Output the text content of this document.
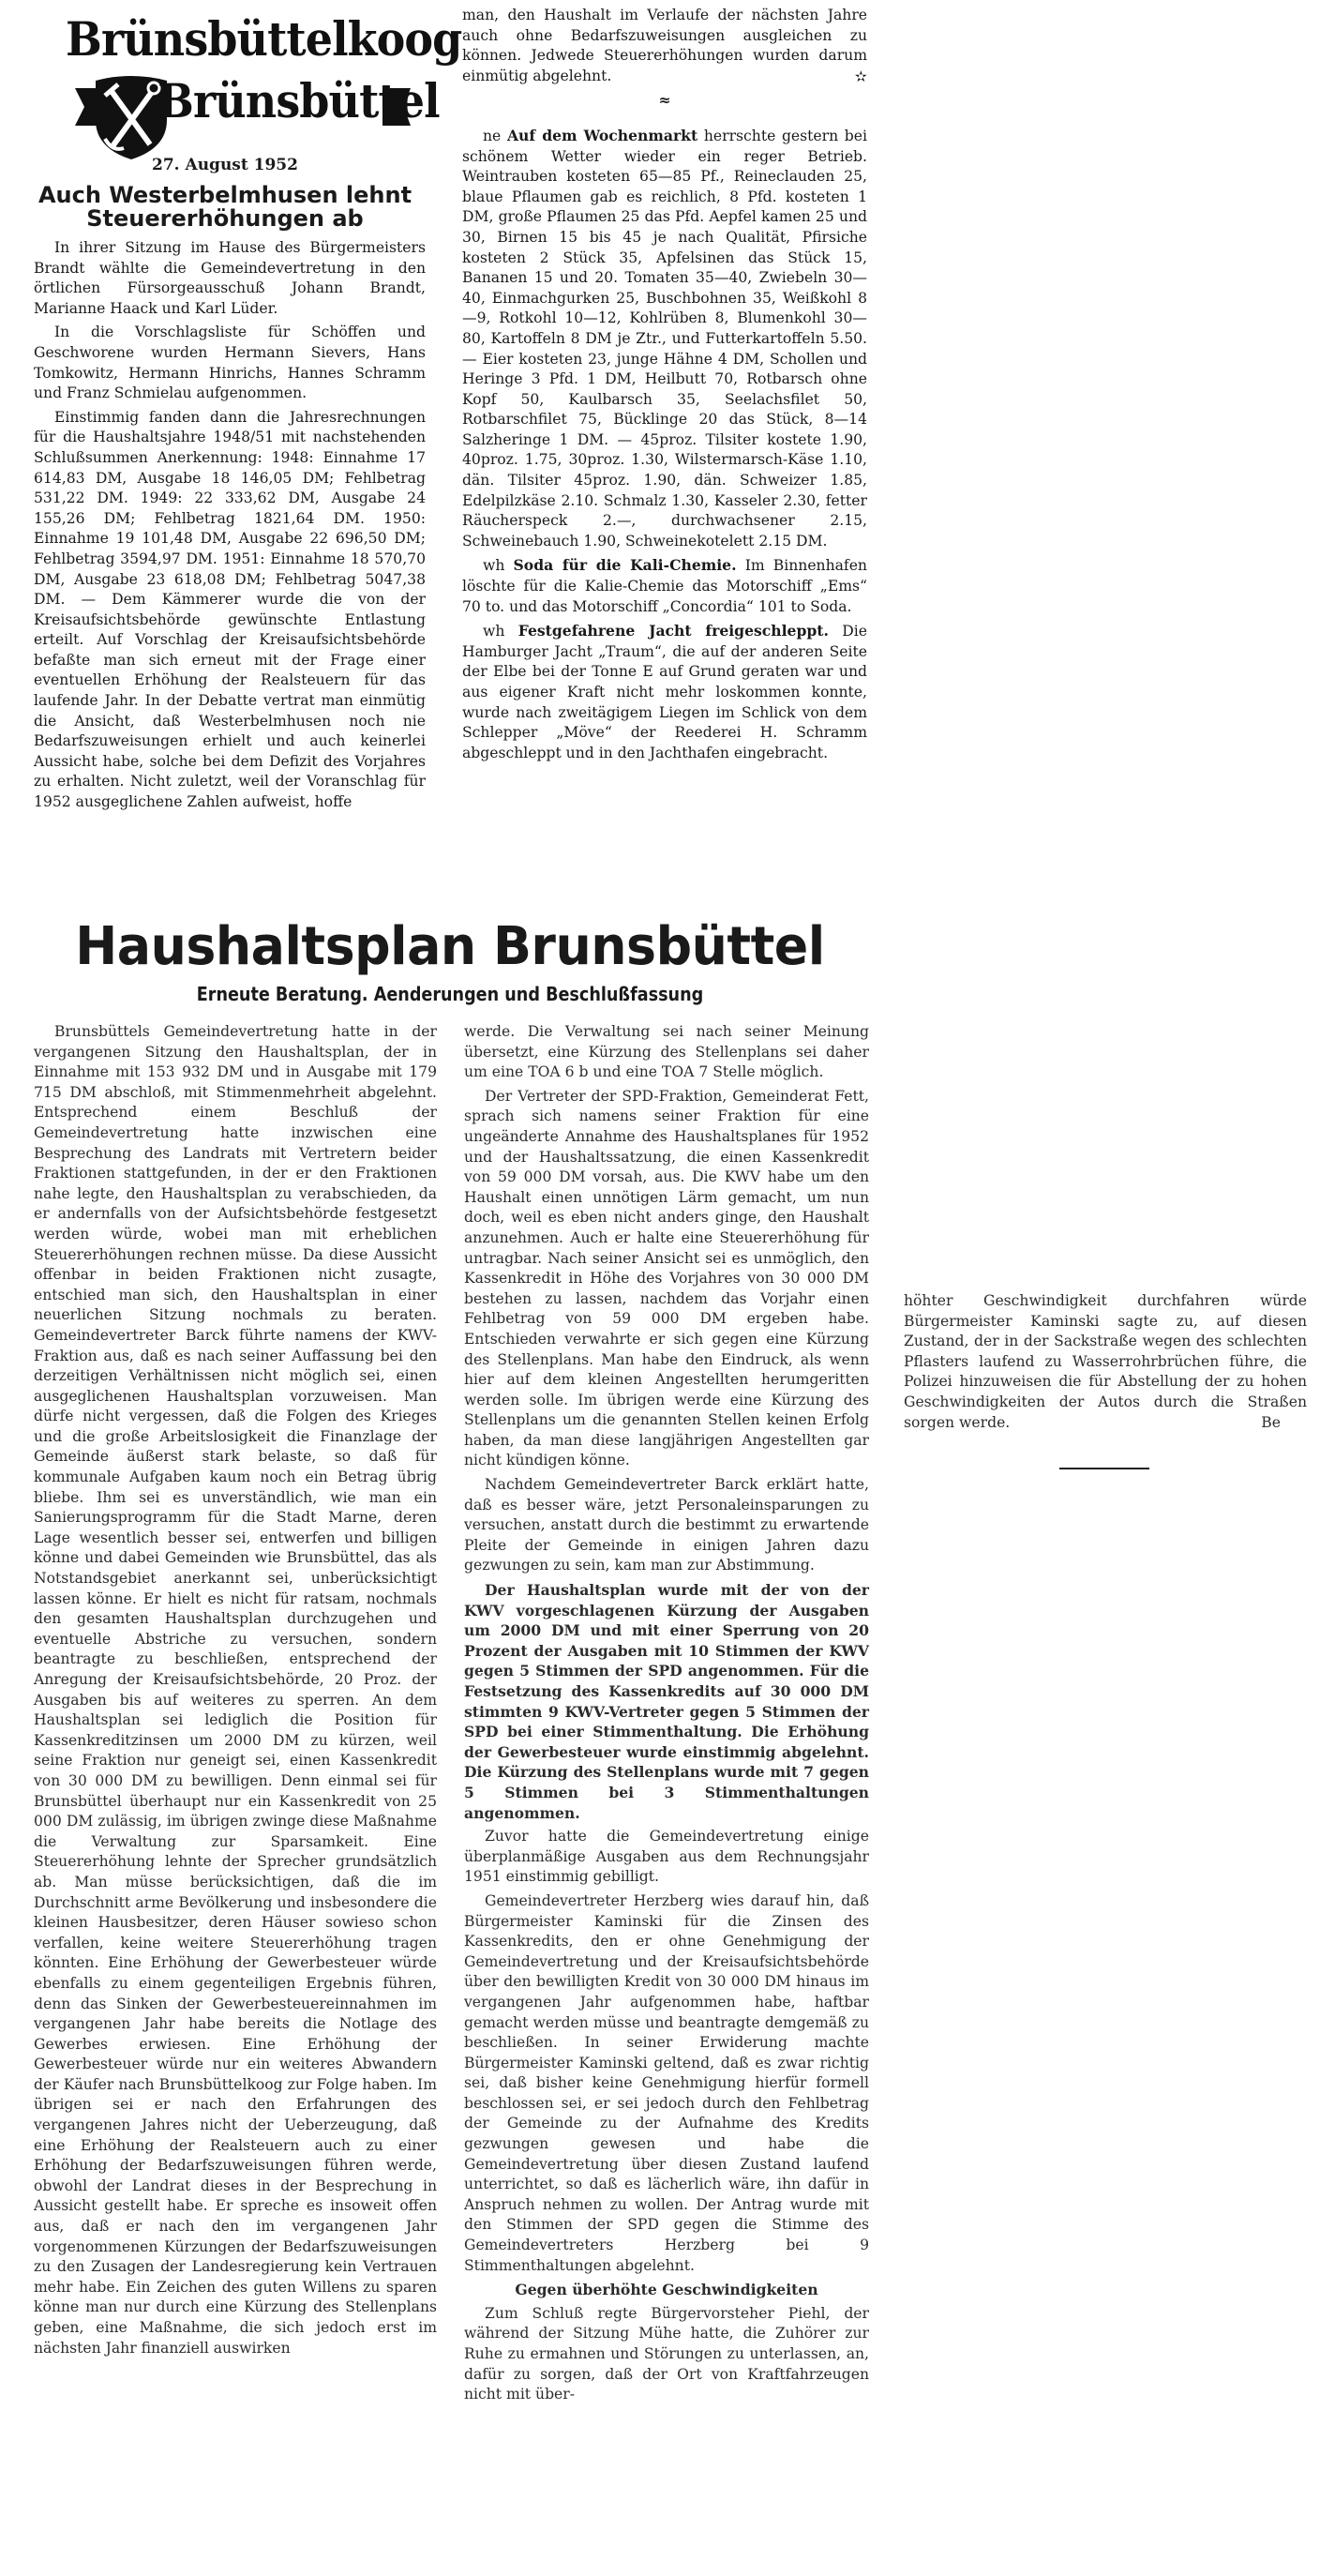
Brünsbüttelkoog
Brünsbüttel
27. August 1952
Auch Westerbelmhusen lehnt Steuererhöhungen ab

In ihrer Sitzung im Hause des Bürgermeisters Brandt wählte die Gemeindevertretung in den örtlichen Fürsorgeausschuß Johann Brandt, Marianne Haack und Karl Lüder.

In die Vorschlagsliste für Schöffen und Geschworene wurden Hermann Sievers, Hans Tomkowitz, Hermann Hinrichs, Hannes Schramm und Franz Schmielau aufgenommen.

Einstimmig fanden dann die Jahresrechnungen für die Haushaltsjahre 1948/51 mit nachstehenden Schlußsummen Anerkennung: 1948: Einnahme 17 614,83 DM, Ausgabe 18 146,05 DM; Fehlbetrag 531,22 DM. 1949: 22 333,62 DM, Ausgabe 24 155,26 DM; Fehlbetrag 1821,64 DM. 1950: Einnahme 19 101,48 DM, Ausgabe 22 696,50 DM; Fehlbetrag 3594,97 DM. 1951: Einnahme 18 570,70 DM, Ausgabe 23 618,08 DM; Fehlbetrag 5047,38 DM. — Dem Kämmerer wurde die von der Kreisaufsichtsbehörde gewünschte Entlastung erteilt. Auf Vorschlag der Kreisaufsichtsbehörde befaßte man sich erneut mit der Frage einer eventuellen Erhöhung der Realsteuern für das laufende Jahr. In der Debatte vertrat man einmütig die Ansicht, daß Westerbelmhusen noch nie Bedarfszuweisungen erhielt und auch keinerlei Aussicht habe, solche bei dem Defizit des Vorjahres zu erhalten. Nicht zuletzt, weil der Voranschlag für 1952 ausgeglichene Zahlen aufweist, hoffe

man, den Haushalt im Verlaufe der nächsten Jahre auch ohne Bedarfszuweisungen ausgleichen zu können. Jedwede Steuererhöhungen wurden darum einmütig abgelehnt.	✫

≈

ne Auf dem Wochenmarkt herrschte gestern bei schönem Wetter wieder ein reger Betrieb. Weintrauben kosteten 65—85 Pf., Reineclauden 25, blaue Pflaumen gab es reichlich, 8 Pfd. kosteten 1 DM, große Pflaumen 25 das Pfd. Aepfel kamen 25 und 30, Birnen 15 bis 45 je nach Qualität, Pfirsiche kosteten 2 Stück 35, Apfelsinen das Stück 15, Bananen 15 und 20. Tomaten 35—40, Zwiebeln 30—40, Einmachgurken 25, Buschbohnen 35, Weißkohl 8—9, Rotkohl 10—12, Kohlrüben 8, Blumenkohl 30—80, Kartoffeln 8 DM je Ztr., und Futterkartoffeln 5.50. — Eier kosteten 23, junge Hähne 4 DM, Schollen und Heringe 3 Pfd. 1 DM, Heilbutt 70, Rotbarsch ohne Kopf 50, Kaulbarsch 35, Seelachsfilet 50, Rotbarschfilet 75, Bücklinge 20 das Stück, 8—14 Salzheringe 1 DM. — 45proz. Tilsiter kostete 1.90, 40proz. 1.75, 30proz. 1.30, Wilstermarsch-Käse 1.10, dän. Tilsiter 45proz. 1.90, dän. Schweizer 1.85, Edelpilzkäse 2.10. Schmalz 1.30, Kasseler 2.30, fetter Räucherspeck 2.—, durchwachsener 2.15, Schweinebauch 1.90, Schweinekotelett 2.15 DM.

wh Soda für die Kali-Chemie. Im Binnenhafen löschte für die Kalie-Chemie das Motorschiff „Ems“ 70 to. und das Motorschiff „Concordia“ 101 to Soda.

wh Festgefahrene Jacht freigeschleppt. Die Hamburger Jacht „Traum“, die auf der anderen Seite der Elbe bei der Tonne E auf Grund geraten war und aus eigener Kraft nicht mehr loskommen konnte, wurde nach zweitägigem Liegen im Schlick von dem Schlepper „Möve“ der Reederei H. Schramm abgeschleppt und in den Jachthafen eingebracht.

Haushaltsplan Brunsbüttel
Erneute Beratung. Aenderungen und Beschlußfassung

Brunsbüttels Gemeindevertretung hatte in der vergangenen Sitzung den Haushaltsplan, der in Einnahme mit 153 932 DM und in Ausgabe mit 179 715 DM abschloß, mit Stimmenmehrheit abgelehnt. Entsprechend einem Beschluß der Gemeindevertretung hatte inzwischen eine Besprechung des Landrats mit Vertretern beider Fraktionen stattgefunden, in der er den Fraktionen nahe legte, den Haushaltsplan zu verabschieden, da er andernfalls von der Aufsichtsbehörde festgesetzt werden würde, wobei man mit erheblichen Steuererhöhungen rechnen müsse. Da diese Aussicht offenbar in beiden Fraktionen nicht zusagte, entschied man sich, den Haushaltsplan in einer neuerlichen Sitzung nochmals zu beraten. Gemeindevertreter Barck führte namens der KWV-Fraktion aus, daß es nach seiner Auffassung bei den derzeitigen Verhältnissen nicht möglich sei, einen ausgeglichenen Haushaltsplan vorzuweisen. Man dürfe nicht vergessen, daß die Folgen des Krieges und die große Arbeitslosigkeit die Finanzlage der Gemeinde äußerst stark belaste, so daß für kommunale Aufgaben kaum noch ein Betrag übrig bliebe. Ihm sei es unverständlich, wie man ein Sanierungsprogramm für die Stadt Marne, deren Lage wesentlich besser sei, entwerfen und billigen könne und dabei Gemeinden wie Brunsbüttel, das als Notstandsgebiet anerkannt sei, unberücksichtigt lassen könne. Er hielt es nicht für ratsam, nochmals den gesamten Haushaltsplan durchzugehen und eventuelle Abstriche zu versuchen, sondern beantragte zu beschließen, entsprechend der Anregung der Kreisaufsichtsbehörde, 20 Proz. der Ausgaben bis auf weiteres zu sperren. An dem Haushaltsplan sei lediglich die Position für Kassenkreditzinsen um 2000 DM zu kürzen, weil seine Fraktion nur geneigt sei, einen Kassenkredit von 30 000 DM zu bewilligen. Denn einmal sei für Brunsbüttel überhaupt nur ein Kassenkredit von 25 000 DM zulässig, im übrigen zwinge diese Maßnahme die Verwaltung zur Sparsamkeit. Eine Steuererhöhung lehnte der Sprecher grundsätzlich ab. Man müsse berücksichtigen, daß die im Durchschnitt arme Bevölkerung und insbesondere die kleinen Hausbesitzer, deren Häuser sowieso schon verfallen, keine weitere Steuererhöhung tragen könnten. Eine Erhöhung der Gewerbesteuer würde ebenfalls zu einem gegenteiligen Ergebnis führen, denn das Sinken der Gewerbesteuereinnahmen im vergangenen Jahr habe bereits die Notlage des Gewerbes erwiesen. Eine Erhöhung der Gewerbesteuer würde nur ein weiteres Abwandern der Käufer nach Brunsbüttelkoog zur Folge haben. Im übrigen sei er nach den Erfahrungen des vergangenen Jahres nicht der Ueberzeugung, daß eine Erhöhung der Realsteuern auch zu einer Erhöhung der Bedarfszuweisungen führen werde, obwohl der Landrat dieses in der Besprechung in Aussicht gestellt habe. Er spreche es insoweit offen aus, daß er nach den im vergangenen Jahr vorgenommenen Kürzungen der Bedarfszuweisungen zu den Zusagen der Landesregierung kein Vertrauen mehr habe. Ein Zeichen des guten Willens zu sparen könne man nur durch eine Kürzung des Stellenplans geben, eine Maßnahme, die sich jedoch erst im nächsten Jahr finanziell auswirken

werde. Die Verwaltung sei nach seiner Meinung übersetzt, eine Kürzung des Stellenplans sei daher um eine TOA 6 b und eine TOA 7 Stelle möglich.

Der Vertreter der SPD-Fraktion, Gemeinderat Fett, sprach sich namens seiner Fraktion für eine ungeänderte Annahme des Haushaltsplanes für 1952 und der Haushaltssatzung, die einen Kassenkredit von 59 000 DM vorsah, aus. Die KWV habe um den Haushalt einen unnötigen Lärm gemacht, um nun doch, weil es eben nicht anders ginge, den Haushalt anzunehmen. Auch er halte eine Steuererhöhung für untragbar. Nach seiner Ansicht sei es unmöglich, den Kassenkredit in Höhe des Vorjahres von 30 000 DM bestehen zu lassen, nachdem das Vorjahr einen Fehlbetrag von 59 000 DM ergeben habe. Entschieden verwahrte er sich gegen eine Kürzung des Stellenplans. Man habe den Eindruck, als wenn hier auf dem kleinen Angestellten herumgeritten werden solle. Im übrigen werde eine Kürzung des Stellenplans um die genannten Stellen keinen Erfolg haben, da man diese langjährigen Angestellten gar nicht kündigen könne.

Nachdem Gemeindevertreter Barck erklärt hatte, daß es besser wäre, jetzt Personaleinsparungen zu versuchen, anstatt durch die bestimmt zu erwartende Pleite der Gemeinde in einigen Jahren dazu gezwungen zu sein, kam man zur Abstimmung.

Der Haushaltsplan wurde mit der von der KWV vorgeschlagenen Kürzung der Ausgaben um 2000 DM und mit einer Sperrung von 20 Prozent der Ausgaben mit 10 Stimmen der KWV gegen 5 Stimmen der SPD angenommen. Für die Festsetzung des Kassenkredits auf 30 000 DM stimmten 9 KWV-Vertreter gegen 5 Stimmen der SPD bei einer Stimmenthaltung. Die Erhöhung der Gewerbesteuer wurde einstimmig abgelehnt. Die Kürzung des Stellenplans wurde mit 7 gegen 5 Stimmen bei 3 Stimmenthaltungen angenommen.

Zuvor hatte die Gemeindevertretung einige überplanmäßige Ausgaben aus dem Rechnungsjahr 1951 einstimmig gebilligt.

Gemeindevertreter Herzberg wies darauf hin, daß Bürgermeister Kaminski für die Zinsen des Kassenkredits, den er ohne Genehmigung der Gemeindevertretung und der Kreisaufsichtsbehörde über den bewilligten Kredit von 30 000 DM hinaus im vergangenen Jahr aufgenommen habe, haftbar gemacht werden müsse und beantragte demgemäß zu beschließen. In seiner Erwiderung machte Bürgermeister Kaminski geltend, daß es zwar richtig sei, daß bisher keine Genehmigung hierfür formell beschlossen sei, er sei jedoch durch den Fehlbetrag der Gemeinde zu der Aufnahme des Kredits gezwungen gewesen und habe die Gemeindevertretung über diesen Zustand laufend unterrichtet, so daß es lächerlich wäre, ihn dafür in Anspruch nehmen zu wollen. Der Antrag wurde mit den Stimmen der SPD gegen die Stimme des Gemeindevertreters Herzberg bei 9 Stimmenthaltungen abgelehnt.

Gegen überhöhte Geschwindigkeiten

Zum Schluß regte Bürgervorsteher Piehl, der während der Sitzung Mühe hatte, die Zuhörer zur Ruhe zu ermahnen und Störungen zu unterlassen, an, dafür zu sorgen, daß der Ort von Kraftfahrzeugen nicht mit über-

höhter Geschwindigkeit durchfahren würde Bürgermeister Kaminski sagte zu, auf diesen Zustand, der in der Sackstraße wegen des schlechten Pflasters laufend zu Wasserrohrbrüchen führe, die Polizei hinzuweisen die für Abstellung der zu hohen Geschwindigkeiten der Autos durch die Straßen sorgen werde.	Be
